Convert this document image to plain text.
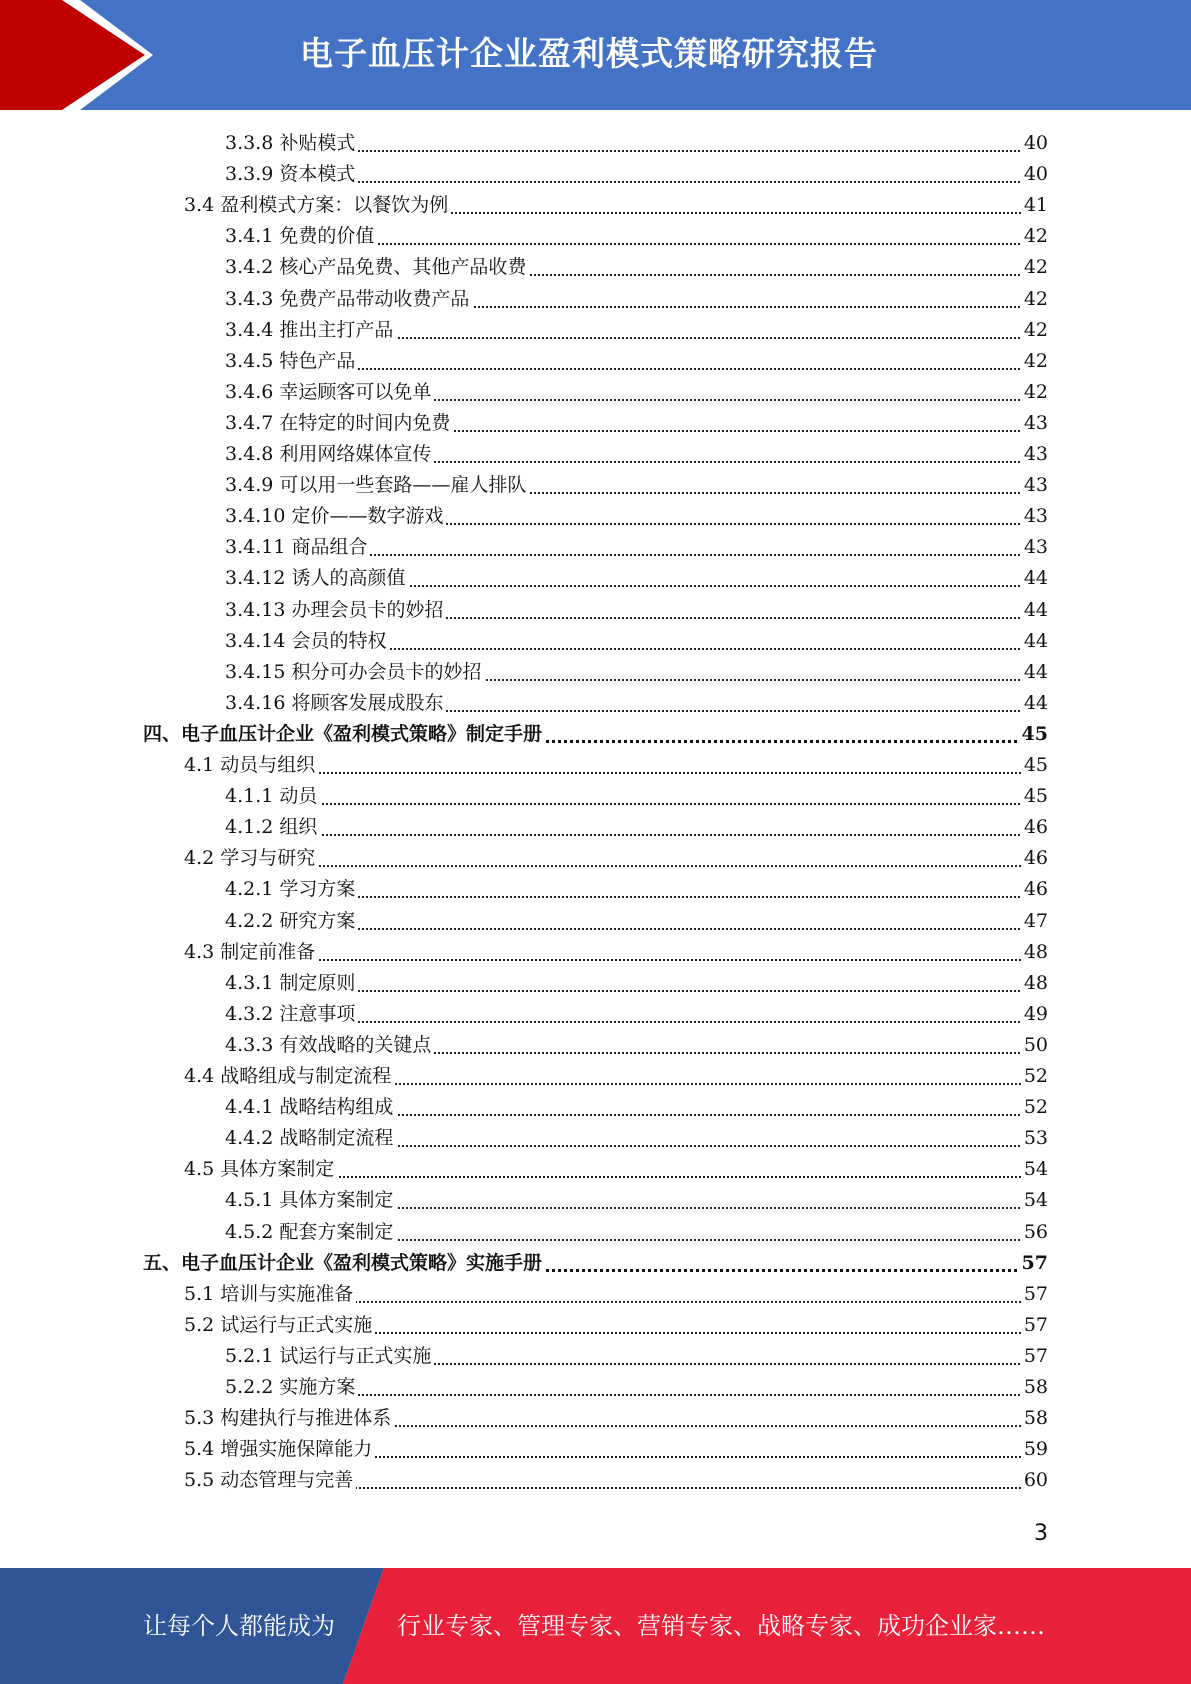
电子血压计企业盈利模式策略研究报告
3.3.8 补贴模式	40
3.3.9 资本模式	40
3.4 盈利模式方案：以餐饮为例	41
3.4.1 免费的价值	42
3.4.2 核心产品免费、其他产品收费	42
3.4.3 免费产品带动收费产品	42
3.4.4 推出主打产品	42
3.4.5 特色产品	42
3.4.6 幸运顾客可以免单	42
3.4.7 在特定的时间内免费	43
3.4.8 利用网络媒体宣传	43
3.4.9 可以用一些套路——雇人排队	43
3.4.10 定价——数字游戏	43
3.4.11 商品组合	43
3.4.12 诱人的高颜值	44
3.4.13 办理会员卡的妙招	44
3.4.14 会员的特权	44
3.4.15 积分可办会员卡的妙招	44
3.4.16 将顾客发展成股东	44
四、电子血压计企业《盈利模式策略》制定手册	45
4.1 动员与组织	45
4.1.1 动员	45
4.1.2 组织	46
4.2 学习与研究	46
4.2.1 学习方案	46
4.2.2 研究方案	47
4.3 制定前准备	48
4.3.1 制定原则	48
4.3.2 注意事项	49
4.3.3 有效战略的关键点	50
4.4 战略组成与制定流程	52
4.4.1 战略结构组成	52
4.4.2 战略制定流程	53
4.5 具体方案制定	54
4.5.1 具体方案制定	54
4.5.2 配套方案制定	56
五、电子血压计企业《盈利模式策略》实施手册	57
5.1 培训与实施准备	57
5.2 试运行与正式实施	57
5.2.1 试运行与正式实施	57
5.2.2 实施方案	58
5.3 构建执行与推进体系	58
5.4 增强实施保障能力	59
5.5 动态管理与完善	60
3
让每个人都能成为	行业专家、管理专家、营销专家、战略专家、成功企业家……
